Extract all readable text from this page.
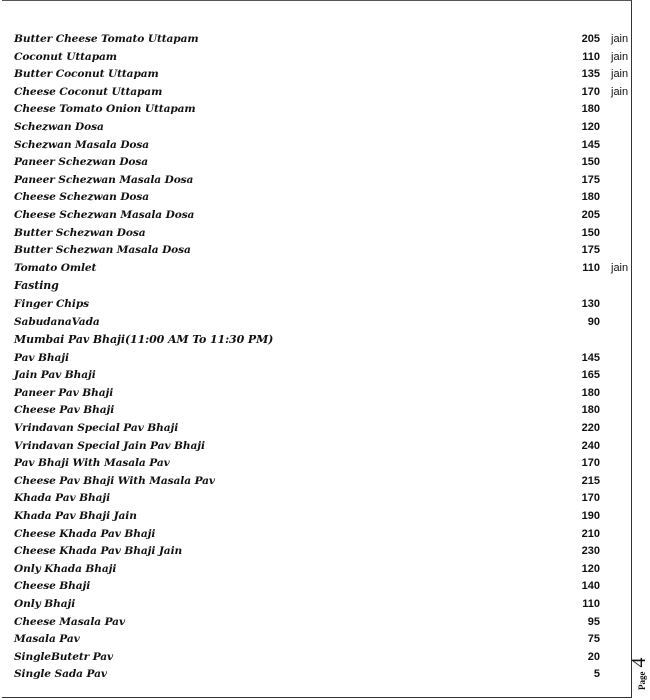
Butter Cheese Tomato Uttapam	205 jain
Coconut Uttapam	110 jain
Butter Coconut Uttapam	135 jain
Cheese Coconut Uttapam	170 jain
Cheese Tomato Onion Uttapam	180
Schezwan Dosa	120
Schezwan Masala Dosa	145
Paneer Schezwan Dosa	150
Paneer Schezwan Masala Dosa	175
Cheese Schezwan Dosa	180
Cheese Schezwan Masala Dosa	205
Butter Schezwan Dosa	150
Butter Schezwan Masala Dosa	175
Tomato Omlet	110 jain
Fasting
Finger Chips	130
SabudanaVada	90
Mumbai Pav Bhaji(11:00 AM To 11:30 PM)
Pav Bhaji	145
Jain Pav Bhaji	165
Paneer Pav Bhaji	180
Cheese Pav Bhaji	180
Vrindavan Special Pav Bhaji	220
Vrindavan Special Jain Pav Bhaji	240
Pav Bhaji With Masala Pav	170
Cheese Pav Bhaji With Masala Pav	215
Khada Pav Bhaji	170
Khada Pav Bhaji Jain	190
Cheese Khada Pav Bhaji	210
Cheese Khada Pav Bhaji Jain	230
Only Khada Bhaji	120
Cheese Bhaji	140
Only Bhaji	110
Cheese Masala Pav	95
Masala Pav	75
SingleButetr Pav	20
Single Sada Pav	5	Page 4
